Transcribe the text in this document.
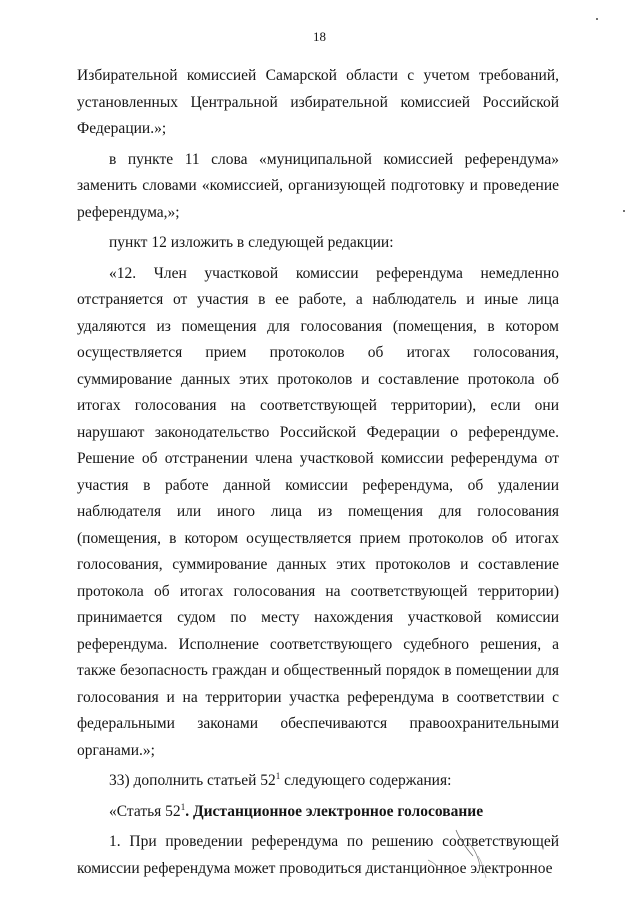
18

Избирательной комиссией Самарской области с учетом требований, установленных Центральной избирательной комиссией Российской Федерации.»;

в пункте 11 слова «муниципальной комиссией референдума» заменить словами «комиссией, организующей подготовку и проведение референдума,»;

пункт 12 изложить в следующей редакции:

«12. Член участковой комиссии референдума немедленно отстраняется от участия в ее работе, а наблюдатель и иные лица удаляются из помещения для голосования (помещения, в котором осуществляется прием протоколов об итогах голосования, суммирование данных этих протоколов и составление протокола об итогах голосования на соответствующей территории), если они нарушают законодательство Российской Федерации о референдуме. Решение об отстранении члена участковой комиссии референдума от участия в работе данной комиссии референдума, об удалении наблюдателя или иного лица из помещения для голосования (помещения, в котором осуществляется прием протоколов об итогах голосования, суммирование данных этих протоколов и составление протокола об итогах голосования на соответствующей территории) принимается судом по месту нахождения участковой комиссии референдума. Исполнение соответствующего судебного решения, а также безопасность граждан и общественный порядок в помещении для голосования и на территории участка референдума в соответствии с федеральными законами обеспечиваются правоохранительными органами.»;

33) дополнить статьей $52^1$ следующего содержания:

«Статья $52^1$. Дистанционное электронное голосование

1. При проведении референдума по решению соответствующей комиссии референдума может проводиться дистанционное электронное
